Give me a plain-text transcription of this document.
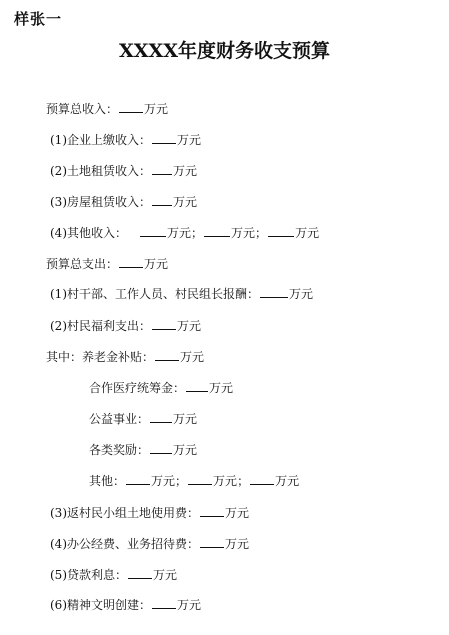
样张一
XXXX年度财务收支预算
预算总收入： 万元
(1)企业上缴收入： 万元
(2)土地租赁收入： 万元
(3)房屋租赁收入： 万元
(4)其他收入：	万元； 万元； 万元
预算总支出： 万元
(1)村干部、工作人员、村民组长报酬：	万元
(2)村民福利支出： 万元
其中：养老金补贴： 万元
合作医疗统筹金： 万元
公益事业： 万元
各类奖励： 万元
其他： 万元； 万元； 万元
(3)返村民小组土地使用费： 万元
(4)办公经费、业务招待费： 万元
(5)贷款利息： 万元
(6)精神文明创建： 万元
